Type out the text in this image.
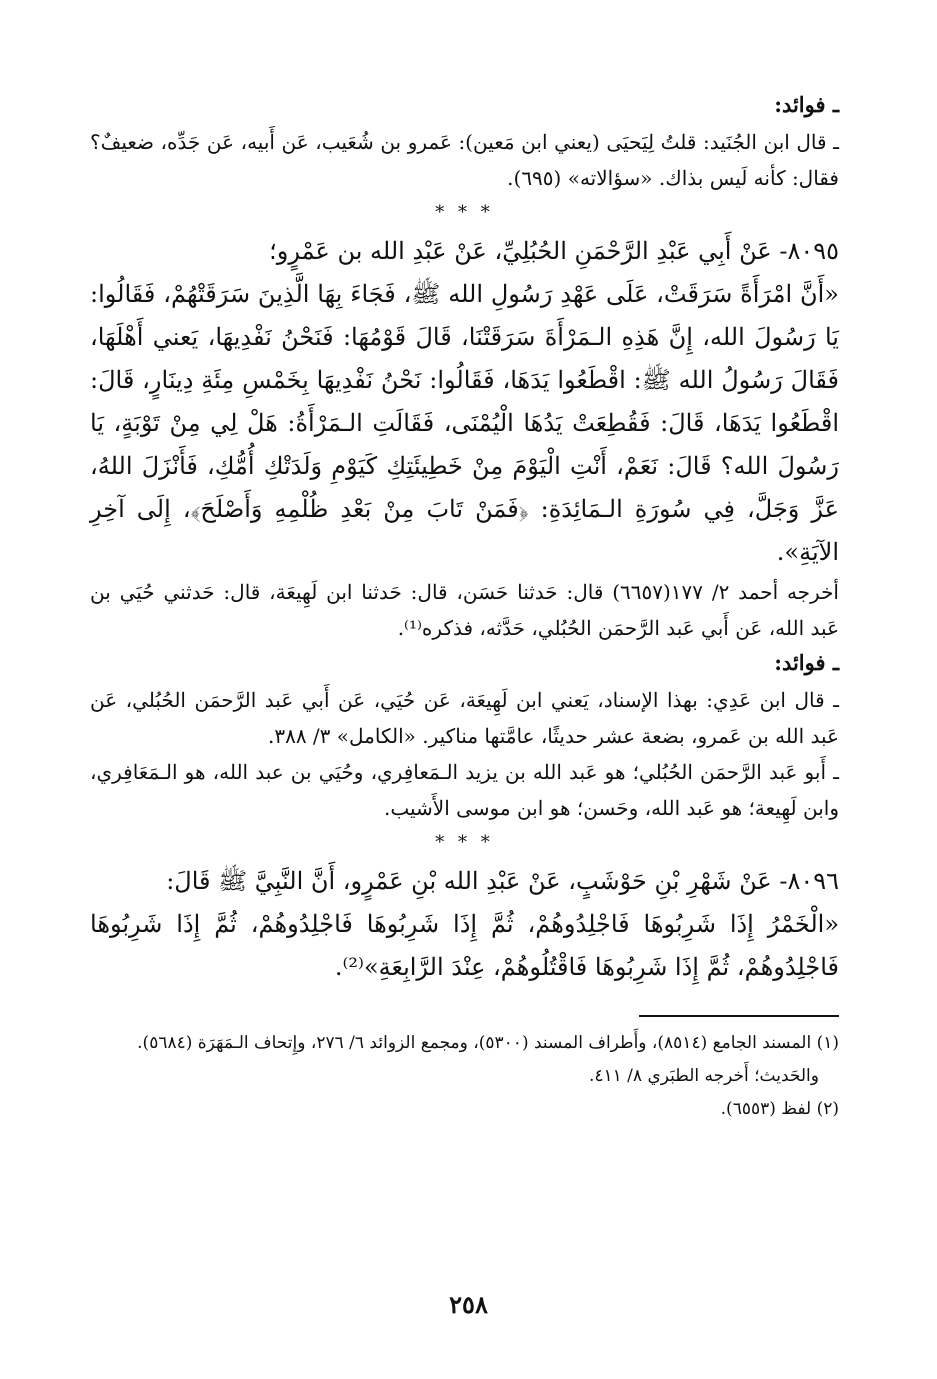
ـ فوائد:

ـ قال ابن الجُنَيد: قلتُ لِيَحيَى (يعني ابن مَعين): عَمرو بن شُعَيب، عَن أَبيه، عَن جَدِّه، ضعيفٌ؟ فقال: كأنه لَيس بذاك. «سؤالاته» (٦٩٥).

* * *

٨٠٩٥- عَنْ أَبِي عَبْدِ الرَّحْمَنِ الحُبُلِيِّ، عَنْ عَبْدِ الله بن عَمْرٍو؛

«أَنَّ امْرَأَةً سَرَقَتْ، عَلَى عَهْدِ رَسُولِ الله ﷺ، فَجَاءَ بِهَا الَّذِينَ سَرَقَتْهُمْ، فَقَالُوا: يَا رَسُولَ الله، إِنَّ هَذِهِ الـمَرْأَةَ سَرَقَتْنَا، قَالَ قَوْمُهَا: فَنَحْنُ نَفْدِيهَا، يَعني أَهْلَهَا، فَقَالَ رَسُولُ الله ﷺ: اقْطَعُوا يَدَهَا، فَقَالُوا: نَحْنُ نَفْدِيهَا بِخَمْسِ مِئَةِ دِينَارٍ، قَالَ: اقْطَعُوا يَدَهَا، قَالَ: فَقُطِعَتْ يَدُهَا الْيُمْنَى، فَقَالَتِ الـمَرْأَةُ: هَلْ لِي مِنْ تَوْبَةٍ، يَا رَسُولَ الله؟ قَالَ: نَعَمْ، أَنْتِ الْيَوْمَ مِنْ خَطِيئَتِكِ كَيَوْمِ وَلَدَتْكِ أُمُّكِ، فَأَنْزَلَ اللهُ، عَزَّ وَجَلَّ، فِي سُورَةِ الـمَائِدَةِ: ﴿فَمَنْ تَابَ مِنْ بَعْدِ ظُلْمِهِ وَأَصْلَحَ﴾، إِلَى آخِرِ الآيَةِ».

أخرجه أحمد ٢/ ١٧٧(٦٦٥٧) قال: حَدثنا حَسَن، قال: حَدثنا ابن لَهِيعَة، قال: حَدثني حُيَي بن عَبد الله، عَن أَبي عَبد الرَّحمَن الحُبُلي، حَدَّثه، فذكره⁽¹⁾.

ـ فوائد:

ـ قال ابن عَدِي: بهذا الإسناد، يَعني ابن لَهِيعَة، عَن حُيَي، عَن أَبي عَبد الرَّحمَن الحُبُلي، عَن عَبد الله بن عَمرو، بضعة عشر حديثًا، عامَّتها مناكير. «الكامل» ٣/ ٣٨٨.

ـ أَبو عَبد الرَّحمَن الحُبُلي؛ هو عَبد الله بن يزيد الـمَعافِري، وحُيَي بن عبد الله، هو الـمَعَافِري، وابن لَهِيعة؛ هو عَبد الله، وحَسن؛ هو ابن موسى الأَشيب.

* * *

٨٠٩٦- عَنْ شَهْرِ بْنِ حَوْشَبٍ، عَنْ عَبْدِ الله بْنِ عَمْرٍو، أَنَّ النَّبِيَّ ﷺ قَالَ:

«الْخَمْرُ إِذَا شَرِبُوهَا فَاجْلِدُوهُمْ، ثُمَّ إِذَا شَرِبُوهَا فَاجْلِدُوهُمْ، ثُمَّ إِذَا شَرِبُوهَا فَاجْلِدُوهُمْ، ثُمَّ إِذَا شَرِبُوهَا فَاقْتُلُوهُمْ، عِنْدَ الرَّابِعَةِ»⁽²⁾.

(١) المسند الجامع (٨٥١٤)، وأَطراف المسند (٥٣٠٠)، ومجمع الزوائد ٦/ ٢٧٦، وإِتحاف الـمَهَرَة (٥٦٨٤).

والحَديث؛ أَخرجه الطبَري ٨/ ٤١١.

(٢) لفظ (٦٥٥٣).

٢٥٨
